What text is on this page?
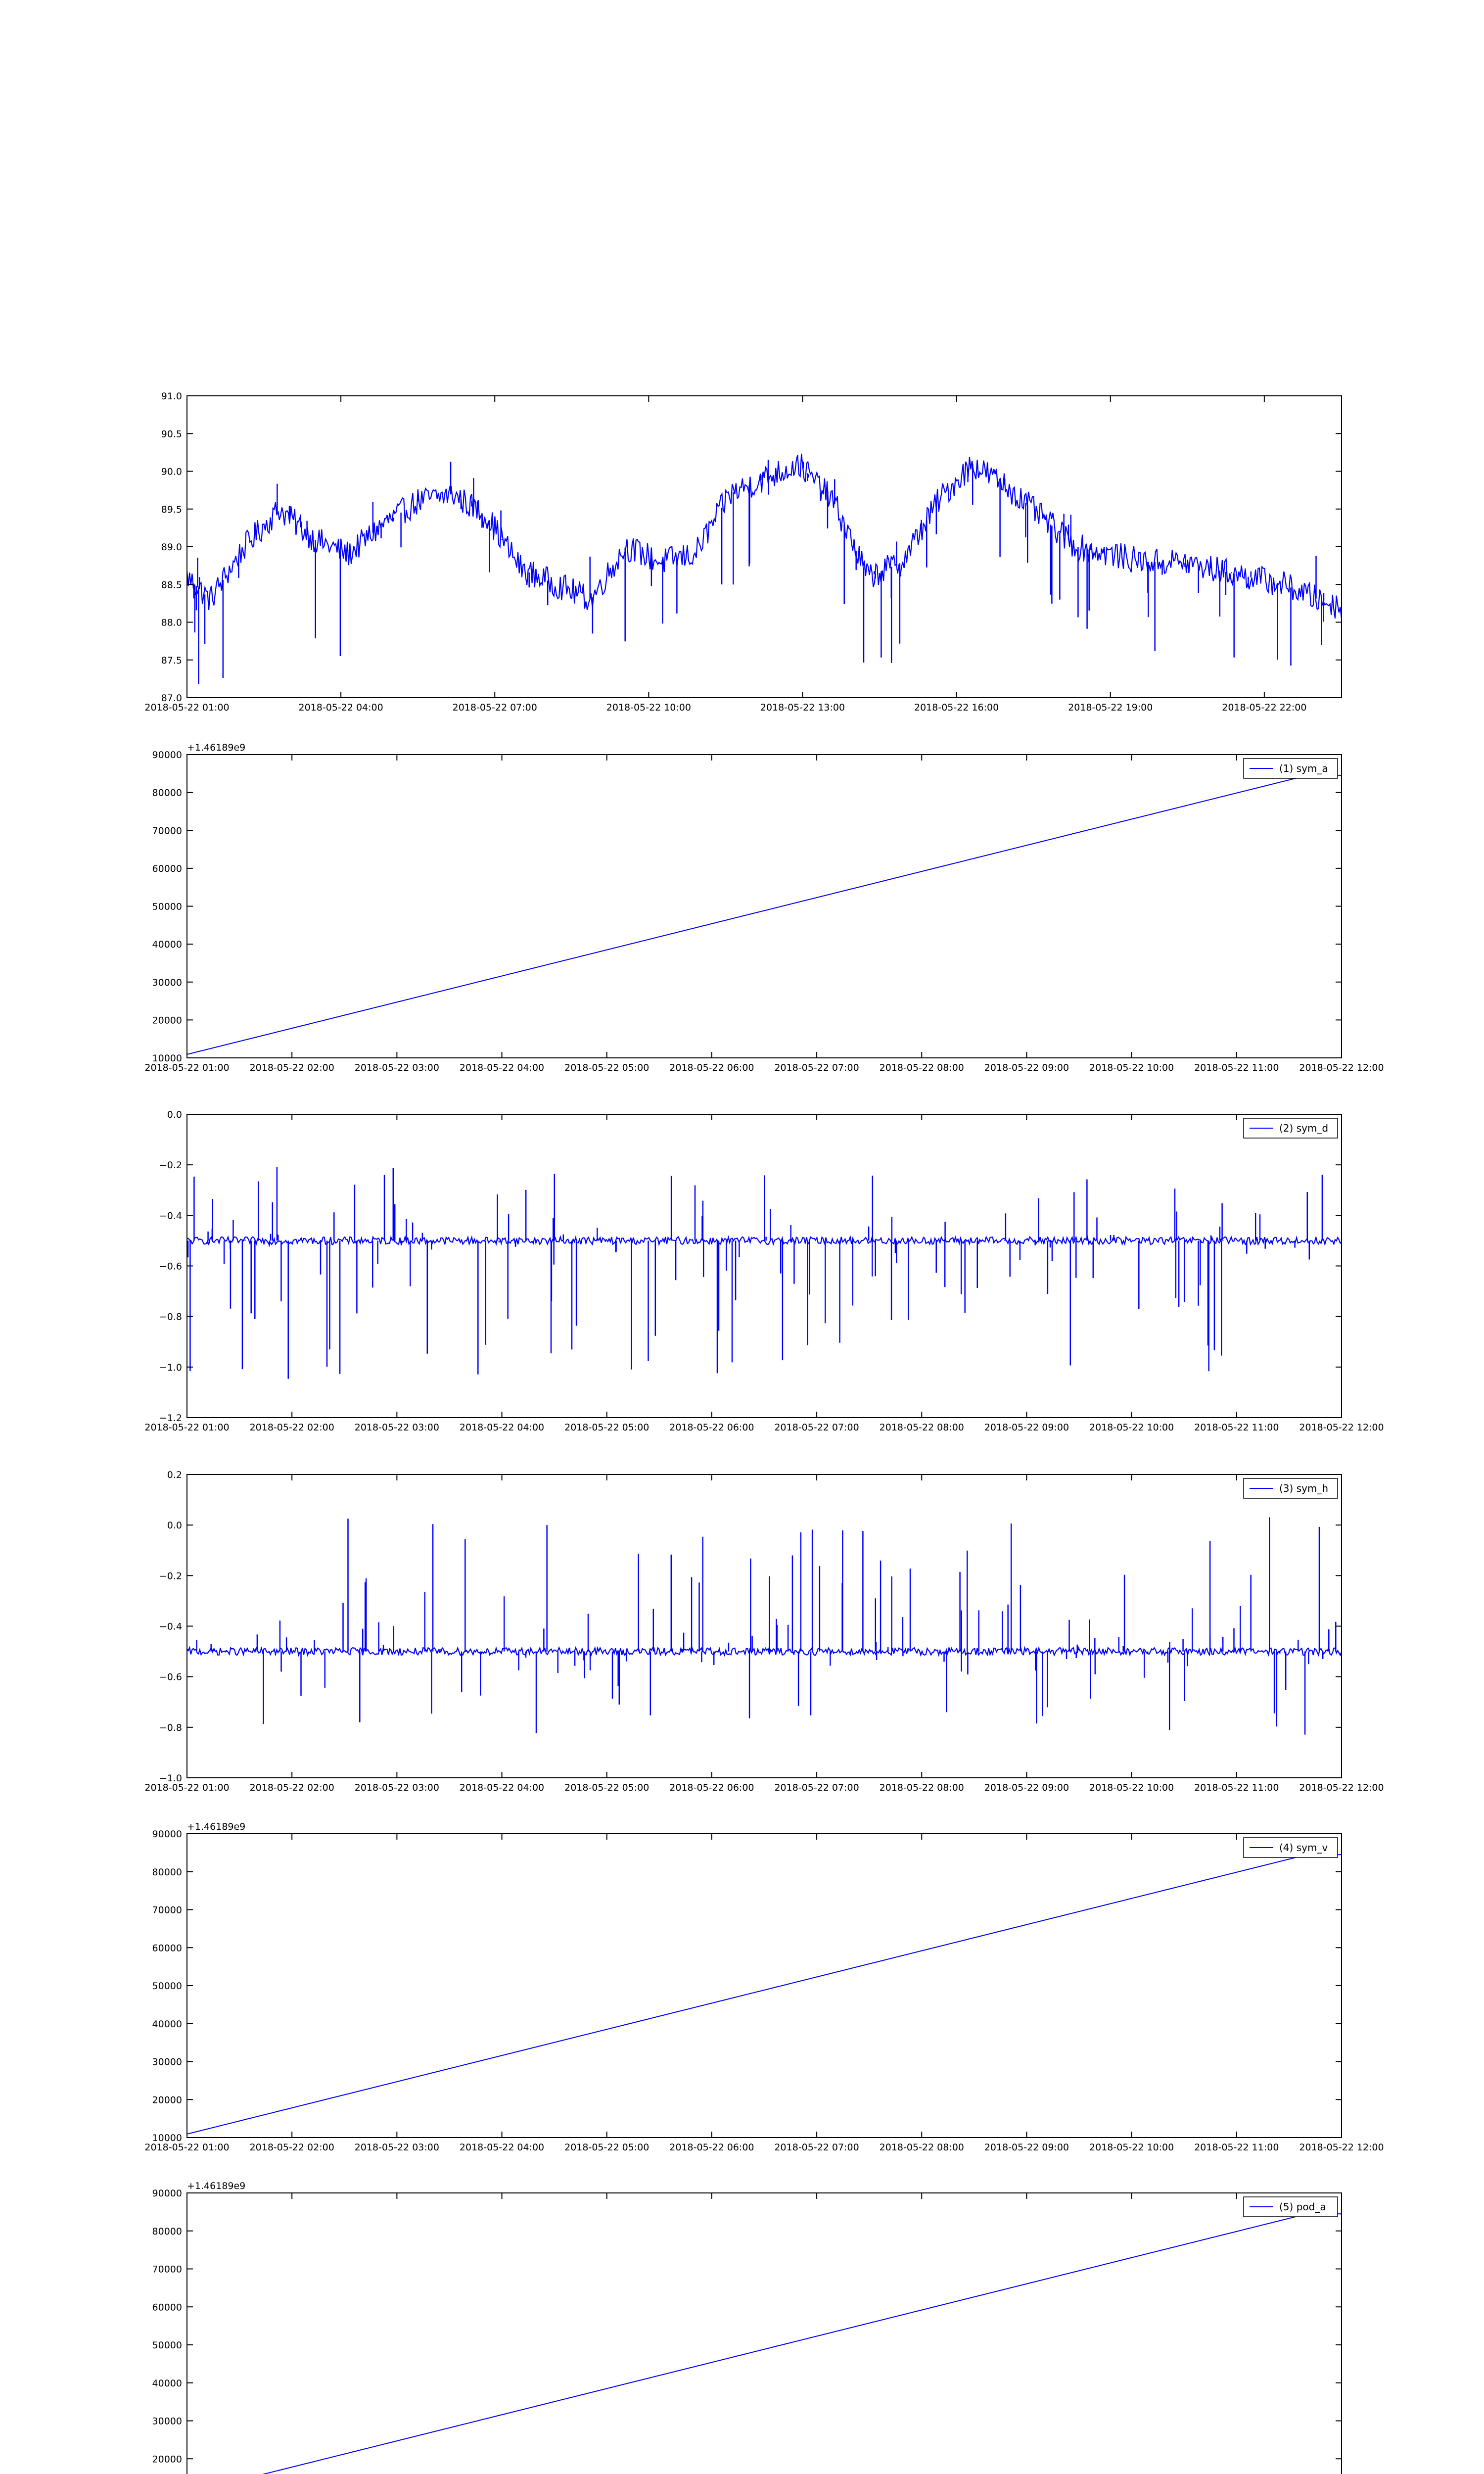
87.0
87.5
88.0
88.5
89.0
89.5
90.0
90.5
91.0
2018-05-22 01:00	2018-05-22 04:00	2018-05-22 07:00	2018-05-22 10:00	2018-05-22 13:00	2018-05-22 16:00	2018-05-22 19:00	2018-05-22 22:00
10000
20000
30000
40000
50000
60000
70000
80000
90000
2018-05-22 01:00 2018-05-22 02:00 2018-05-22 03:00 2018-05-22 04:00 2018-05-22 05:00 2018-05-22 06:00 2018-05-22 07:00 2018-05-22 08:00 2018-05-22 09:00 2018-05-22 10:00 2018-05-22 11:00 2018-05-22 12:00
+1.46189e9
(1) sym_a
−1.2
−1.0
−0.8
−0.6
−0.4
−0.2
0.0
2018-05-22 01:00 2018-05-22 02:00 2018-05-22 03:00 2018-05-22 04:00 2018-05-22 05:00 2018-05-22 06:00 2018-05-22 07:00 2018-05-22 08:00 2018-05-22 09:00 2018-05-22 10:00 2018-05-22 11:00 2018-05-22 12:00
(2) sym_d
−1.0
−0.8
−0.6
−0.4
−0.2
0.0
0.2
2018-05-22 01:00 2018-05-22 02:00 2018-05-22 03:00 2018-05-22 04:00 2018-05-22 05:00 2018-05-22 06:00 2018-05-22 07:00 2018-05-22 08:00 2018-05-22 09:00 2018-05-22 10:00 2018-05-22 11:00 2018-05-22 12:00
(3) sym_h
10000
20000
30000
40000
50000
60000
70000
80000
90000
2018-05-22 01:00 2018-05-22 02:00 2018-05-22 03:00 2018-05-22 04:00 2018-05-22 05:00 2018-05-22 06:00 2018-05-22 07:00 2018-05-22 08:00 2018-05-22 09:00 2018-05-22 10:00 2018-05-22 11:00 2018-05-22 12:00
+1.46189e9
(4) sym_v
20000
30000
40000
50000
60000
70000
80000
90000
+1.46189e9
(5) pod_a
